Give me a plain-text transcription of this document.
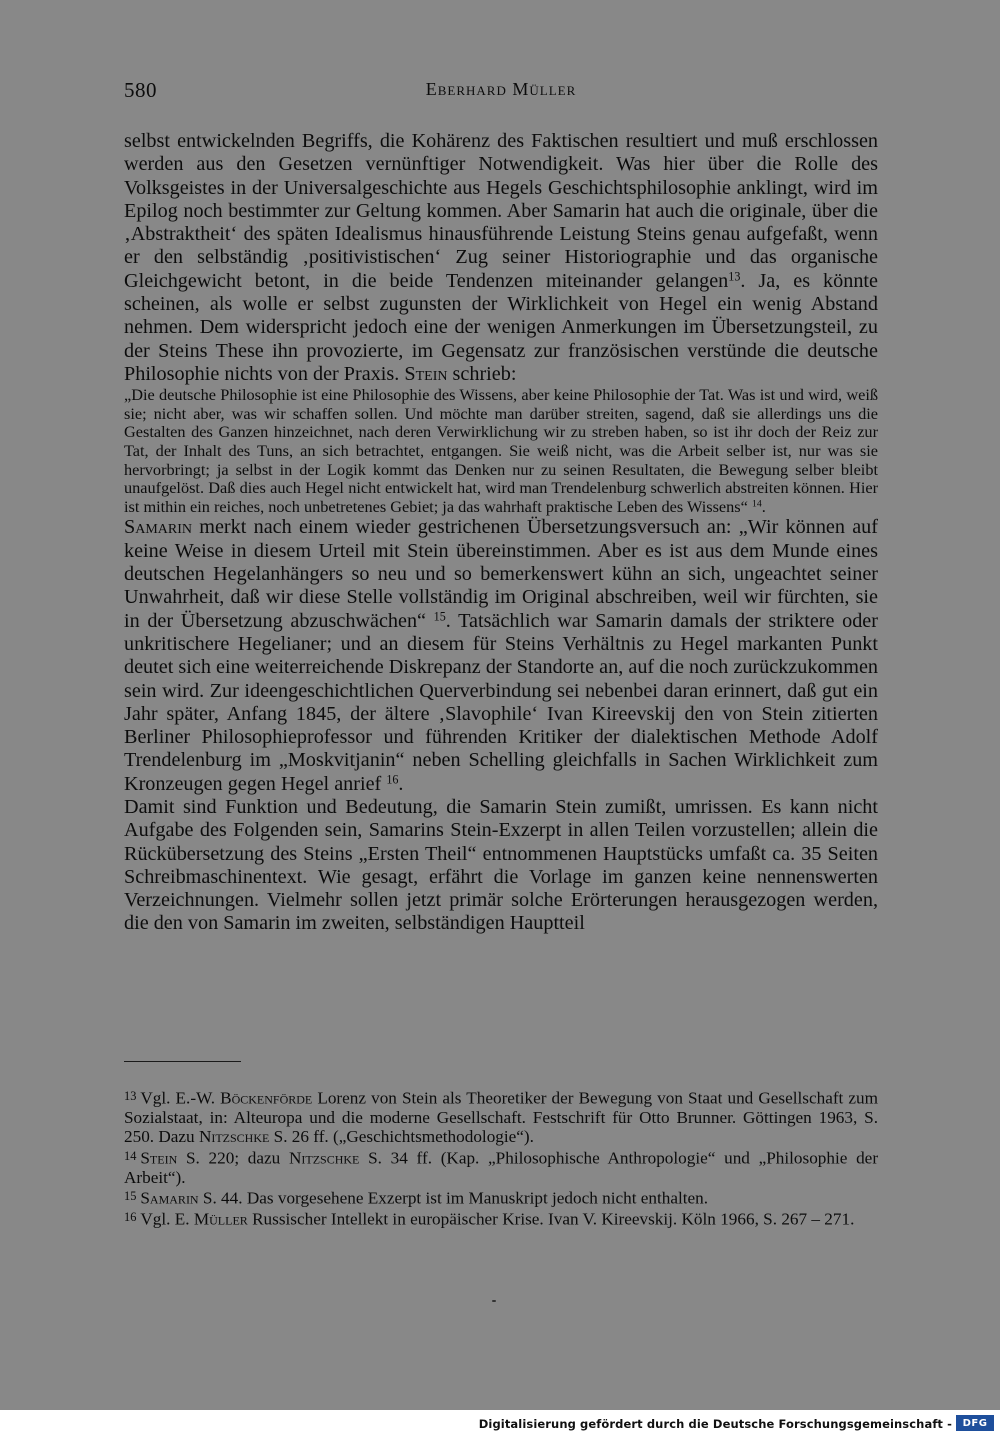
580	Eberhard Müller

selbst entwickelnden Begriffs, die Kohärenz des Faktischen resultiert und muß erschlossen werden aus den Gesetzen vernünftiger Notwendigkeit. Was hier über die Rolle des Volksgeistes in der Universalgeschichte aus Hegels Geschichtsphilosophie anklingt, wird im Epilog noch bestimmter zur Geltung kommen. Aber Samarin hat auch die originale, über die ‚Abstraktheit‘ des späten Idealismus hinausführende Leistung Steins genau aufgefaßt, wenn er den selbständig ‚positivistischen‘ Zug seiner Historiographie und das organische Gleichgewicht betont, in die beide Tendenzen miteinander gelangen$^{13}$. Ja, es könnte scheinen, als wolle er selbst zugunsten der Wirklichkeit von Hegel ein wenig Abstand nehmen. Dem widerspricht jedoch eine der wenigen Anmerkungen im Übersetzungsteil, zu der Steins These ihn provozierte, im Gegensatz zur französischen verstünde die deutsche Philosophie nichts von der Praxis. Stein schrieb:

„Die deutsche Philosophie ist eine Philosophie des Wissens, aber keine Philosophie der Tat. Was ist und wird, weiß sie; nicht aber, was wir schaffen sollen. Und möchte man darüber streiten, sagend, daß sie allerdings uns die Gestalten des Ganzen hinzeichnet, nach deren Verwirklichung wir zu streben haben, so ist ihr doch der Reiz zur Tat, der Inhalt des Tuns, an sich betrachtet, entgangen. Sie weiß nicht, was die Arbeit selber ist, nur was sie hervorbringt; ja selbst in der Logik kommt das Denken nur zu seinen Resultaten, die Bewegung selber bleibt unaufgelöst. Daß dies auch Hegel nicht entwickelt hat, wird man Trendelenburg schwerlich abstreiten können. Hier ist mithin ein reiches, noch unbetretenes Gebiet; ja das wahrhaft praktische Leben des Wissens“ $^{14}$.

Samarin merkt nach einem wieder gestrichenen Übersetzungsversuch an: „Wir können auf keine Weise in diesem Urteil mit Stein übereinstimmen. Aber es ist aus dem Munde eines deutschen Hegelanhängers so neu und so bemerkenswert kühn an sich, ungeachtet seiner Unwahrheit, daß wir diese Stelle vollständig im Original abschreiben, weil wir fürchten, sie in der Übersetzung abzuschwächen“ $^{15}$. Tatsächlich war Samarin damals der striktere oder unkritischere Hegelianer; und an diesem für Steins Verhältnis zu Hegel markanten Punkt deutet sich eine weiterreichende Diskrepanz der Standorte an, auf die noch zurückzukommen sein wird. Zur ideengeschichtlichen Querverbindung sei nebenbei daran erinnert, daß gut ein Jahr später, Anfang 1845, der ältere ‚Slavophile‘ Ivan Kireevskij den von Stein zitierten Berliner Philosophieprofessor und führenden Kritiker der dialektischen Methode Adolf Trendelenburg im „Moskvitjanin“ neben Schelling gleichfalls in Sachen Wirklichkeit zum Kronzeugen gegen Hegel anrief $^{16}$.

Damit sind Funktion und Bedeutung, die Samarin Stein zumißt, umrissen. Es kann nicht Aufgabe des Folgenden sein, Samarins Stein-Exzerpt in allen Teilen vorzustellen; allein die Rückübersetzung des Steins „Ersten Theil“ entnommenen Hauptstücks umfaßt ca. 35 Seiten Schreibmaschinentext. Wie gesagt, erfährt die Vorlage im ganzen keine nennenswerten Verzeichnungen. Vielmehr sollen jetzt primär solche Erörterungen herausgezogen werden, die den von Samarin im zweiten, selbständigen Hauptteil

$^{13}$ Vgl. E.-W. Böckenförde Lorenz von Stein als Theoretiker der Bewegung von Staat und Gesellschaft zum Sozialstaat, in: Alteuropa und die moderne Gesellschaft. Festschrift für Otto Brunner. Göttingen 1963, S. 250. Dazu Nitzschke S. 26 ff. („Geschichtsmethodologie“).

$^{14}$ Stein S. 220; dazu Nitzschke S. 34 ff. (Kap. „Philosophische Anthropologie“ und „Philosophie der Arbeit“).

$^{15}$ Samarin S. 44. Das vorgesehene Exzerpt ist im Manuskript jedoch nicht enthalten.

$^{16}$ Vgl. E. Müller Russischer Intellekt in europäischer Krise. Ivan V. Kireevskij. Köln 1966, S. 267 – 271.

Digitalisierung gefördert durch die Deutsche Forschungsgemeinschaft -	DFG
